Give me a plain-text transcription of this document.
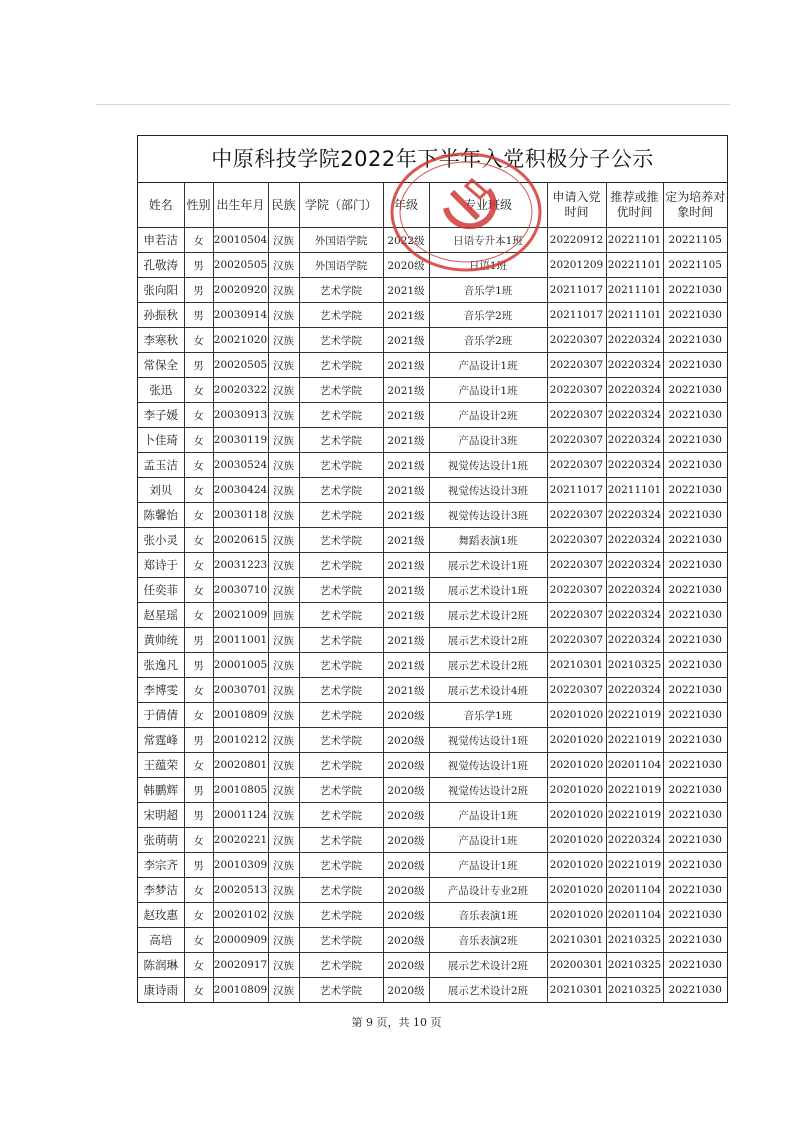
中原科技学院2022年下半年入党积极分子公示
姓名	性别	出生年月	民族	学院（部门）	年级	专业班级	申请入党时间	推荐或推优时间	定为培养对象时间
申若洁	女	20010504	汉族	外国语学院	2022级	日语专升本1班	20220912	20221101	20221105
孔敬涛	男	20020505	汉族	外国语学院	2020级	日语1班	20201209	20221101	20221105
张向阳	男	20020920	汉族	艺术学院	2021级	音乐学1班	20211017	20211101	20221030
孙振秋	男	20030914	汉族	艺术学院	2021级	音乐学2班	20211017	20211101	20221030
李寒秋	女	20021020	汉族	艺术学院	2021级	音乐学2班	20220307	20220324	20221030
常保全	男	20020505	汉族	艺术学院	2021级	产品设计1班	20220307	20220324	20221030
张迅	女	20020322	汉族	艺术学院	2021级	产品设计1班	20220307	20220324	20221030
李子媛	女	20030913	汉族	艺术学院	2021级	产品设计2班	20220307	20220324	20221030
卜佳琦	女	20030119	汉族	艺术学院	2021级	产品设计3班	20220307	20220324	20221030
孟玉洁	女	20030524	汉族	艺术学院	2021级	视觉传达设计1班	20220307	20220324	20221030
刘贝	女	20030424	汉族	艺术学院	2021级	视觉传达设计3班	20211017	20211101	20221030
陈馨怡	女	20030118	汉族	艺术学院	2021级	视觉传达设计3班	20220307	20220324	20221030
张小灵	女	20020615	汉族	艺术学院	2021级	舞蹈表演1班	20220307	20220324	20221030
郑诗于	女	20031223	汉族	艺术学院	2021级	展示艺术设计1班	20220307	20220324	20221030
任奕菲	女	20030710	汉族	艺术学院	2021级	展示艺术设计1班	20220307	20220324	20221030
赵星瑶	女	20021009	回族	艺术学院	2021级	展示艺术设计2班	20220307	20220324	20221030
黄帅统	男	20011001	汉族	艺术学院	2021级	展示艺术设计2班	20220307	20220324	20221030
张逸凡	男	20001005	汉族	艺术学院	2021级	展示艺术设计2班	20210301	20210325	20221030
李博雯	女	20030701	汉族	艺术学院	2021级	展示艺术设计4班	20220307	20220324	20221030
于倩倩	女	20010809	汉族	艺术学院	2020级	音乐学1班	20201020	20221019	20221030
常霆峰	男	20010212	汉族	艺术学院	2020级	视觉传达设计1班	20201020	20221019	20221030
王蕴荣	女	20020801	汉族	艺术学院	2020级	视觉传达设计1班	20201020	20201104	20221030
韩鹏辉	男	20010805	汉族	艺术学院	2020级	视觉传达设计2班	20201020	20221019	20221030
宋明超	男	20001124	汉族	艺术学院	2020级	产品设计1班	20201020	20221019	20221030
张萌萌	女	20020221	汉族	艺术学院	2020级	产品设计1班	20201020	20220324	20221030
李宗齐	男	20010309	汉族	艺术学院	2020级	产品设计1班	20201020	20221019	20221030
李梦洁	女	20020513	汉族	艺术学院	2020级	产品设计专业2班	20201020	20201104	20221030
赵玫惠	女	20020102	汉族	艺术学院	2020级	音乐表演1班	20201020	20201104	20221030
高培	女	20000909	汉族	艺术学院	2020级	音乐表演2班	20210301	20210325	20221030
陈润琳	女	20020917	汉族	艺术学院	2020级	展示艺术设计2班	20200301	20210325	20221030
康诗雨	女	20010809	汉族	艺术学院	2020级	展示艺术设计2班	20210301	20210325	20221030
第 9 页，共 10 页
